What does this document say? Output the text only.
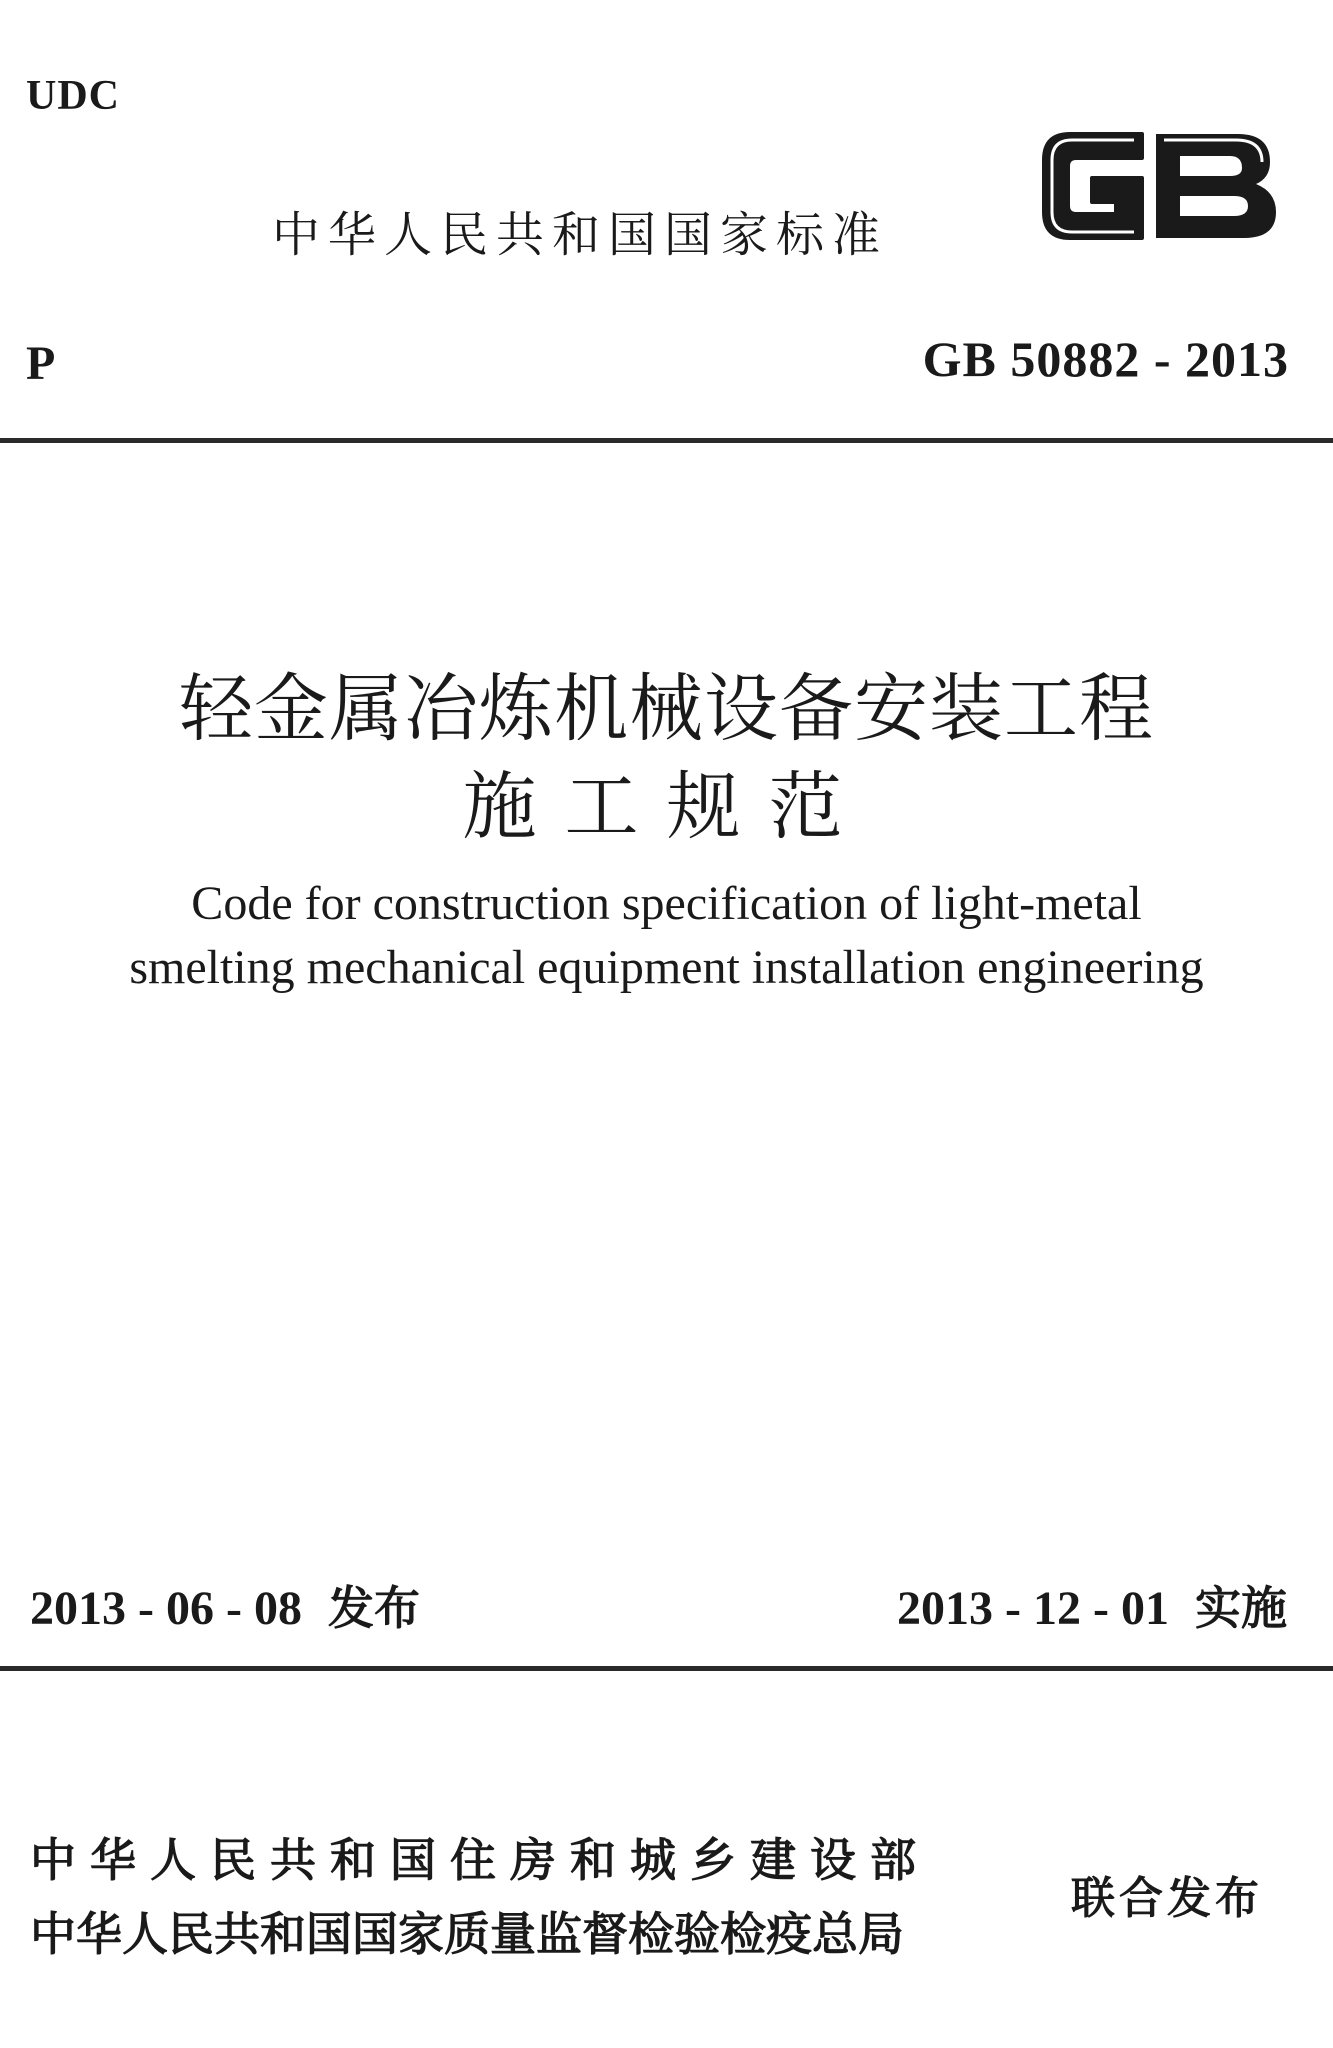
UDC
中华人民共和国国家标准
P	GB 50882 - 2013
轻金属冶炼机械设备安装工程
施工规范
Code for construction specification of light-metal
smelting mechanical equipment installation engineering
2013 - 06 - 08 发布	2013 - 12 - 01 实施
中华人民共和国住房和城乡建设部
中华人民共和国国家质量监督检验检疫总局
联合发布
